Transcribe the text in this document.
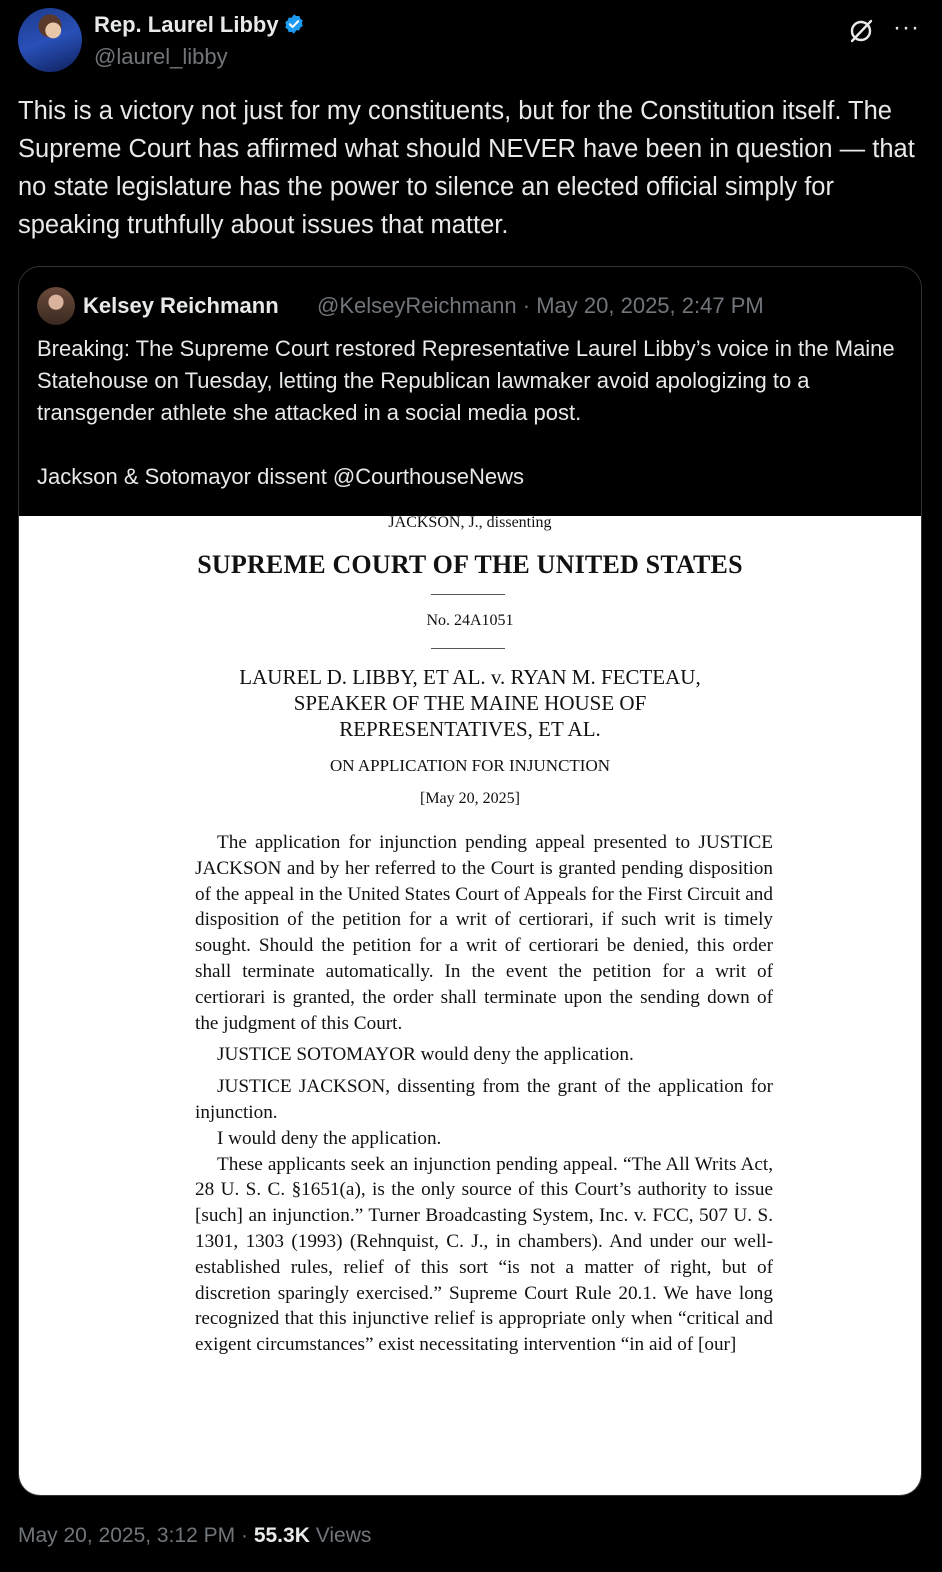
Rep. Laurel Libby
@laurel_libby
···
This is a victory not just for my constituents, but for the Constitution itself. The Supreme Court has affirmed what should NEVER have been in question — that no state legislature has the power to silence an elected official simply for speaking truthfully about issues that matter.
Kelsey Reichmann @KelseyReichmann · May 20, 2025, 2:47 PM

Breaking: The Supreme Court restored Representative Laurel Libby’s voice in the Maine Statehouse on Tuesday, letting the Republican lawmaker avoid apologizing to a transgender athlete she attacked in a social media post.

Jackson & Sotomayor dissent @CourthouseNews

JACKSON, J., dissenting
SUPREME COURT OF THE UNITED STATES
No. 24A1051
LAUREL D. LIBBY, ET AL. v. RYAN M. FECTEAU,
SPEAKER OF THE MAINE HOUSE OF
REPRESENTATIVES, ET AL.
ON APPLICATION FOR INJUNCTION
[May 20, 2025]

The application for injunction pending appeal presented to JUSTICE JACKSON and by her referred to the Court is granted pending disposition of the appeal in the United States Court of Appeals for the First Circuit and disposition of the petition for a writ of certiorari, if such writ is timely sought. Should the petition for a writ of certiorari be denied, this order shall terminate automatically. In the event the petition for a writ of certiorari is granted, the order shall terminate upon the sending down of the judgment of this Court.

JUSTICE SOTOMAYOR would deny the application.

JUSTICE JACKSON, dissenting from the grant of the application for injunction.

I would deny the application.

These applicants seek an injunction pending appeal. “The All Writs Act, 28 U. S. C. §1651(a), is the only source of this Court’s authority to issue [such] an injunction.” Turner Broadcasting System, Inc. v. FCC, 507 U. S. 1301, 1303 (1993) (Rehnquist, C. J., in chambers). And under our well-established rules, relief of this sort “is not a matter of right, but of discretion sparingly exercised.” Supreme Court Rule 20.1. We have long recognized that this injunctive relief is appropriate only when “critical and exigent circumstances” exist necessitating intervention “in aid of [our]

May 20, 2025, 3:12 PM · 55.3K Views
